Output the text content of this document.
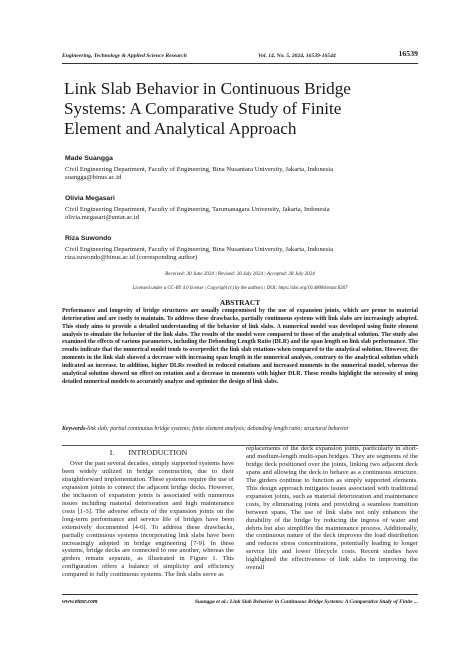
Engineering, Technology & Applied Science Research	Vol. 14, No. 5, 2024, 16539-16544	16539
Link Slab Behavior in Continuous Bridge
Systems: A Comparative Study of Finite
Element and Analytical Approach
Made Suangga
Civil Engineering Department, Faculty of Engineering, Bina Nusantara University, Jakarta, Indonesia
suangga@binus.ac.id
Olivia Megasari
Civil Engineering Department, Faculty of Engineering, Tarumanagara University, Jakarta, Indonesia
olivia.megasari@untar.ac.id
Riza Suwondo
Civil Engineering Department, Faculty of Engineering, Bina Nusantara University, Jakarta, Indonesia
riza.suwondo@binus.ac.id (corresponding author)
Received: 30 June 2024 | Revised: 26 July 2024 | Accepted: 28 July 2024
Licensed under a CC-BY 4.0 license | Copyright (c) by the authors | DOI: https://doi.org/10.48084/etasr.8267
ABSTRACT
Performance and longevity of bridge structures are usually compromised by the use of expansion joints, which are prone to material deterioration and are costly to maintain. To address these drawbacks, partially continuous systems with link slabs are increasingly adopted. This study aims to provide a detailed understanding of the behavior of link slabs. A numerical model was developed using finite element analysis to simulate the behavior of the link slabs. The results of the model were compared to those of the analytical solution. The study also examined the effects of various parameters, including the Debonding Length Ratio (DLR) and the span length on link slab performance. The results indicate that the numerical model tends to overpredict the link slab rotations when compared to the analytical solution. However, the moments in the link slab showed a decrease with increasing span length in the numerical analysis, contrary to the analytical solution which indicated an increase. In addition, higher DLRs resulted in reduced rotations and increased moments in the numerical model, whereas the analytical solution showed no effect on rotation and a decrease in moments with higher DLR. These results highlight the necessity of using detailed numerical models to accurately analyze and optimize the design of link slabs.
Keywords-link slab; partial continuous bridge systems; finite element analysis; debonding length ratio; structural behavior
I. INTRODUCTION

Over the past several decades, simply supported systems have been widely utilized in bridge construction, due to their straightforward implementation. These systems require the use of expansion joints to connect the adjacent bridge decks. However, the inclusion of expansion joints is associated with numerous issues including material deterioration and high maintenance costs [1-3]. The adverse effects of the expansion joints on the long-term performance and service life of bridges have been extensively documented [4-6]. To address these drawbacks, partially continuous systems incorporating link slabs have been increasingly adopted in bridge engineering [7-9]. In these systems, bridge decks are connected to one another, whereas the girders remain separate, as illustrated in Figure 1. This configuration offers a balance of simplicity and efficiency compared to fully continuous systems. The link slabs serve as

replacements of the deck expansion joints, particularly in short- and medium-length multi-span bridges. They are segments of the bridge deck positioned over the joints, linking two adjacent deck spans and allowing the deck to behave as a continuous structure. The girders continue to function as simply supported elements. This design approach mitigates issues associated with traditional expansion joints, such as material deterioration and maintenance costs, by eliminating joints and providing a seamless transition between spans. The use of link slabs not only enhances the durability of the bridge by reducing the ingress of water and debris but also simplifies the maintenance process. Additionally, the continuous nature of the deck improves the load distribution and reduces stress concentrations, potentially leading to longer service life and lower lifecycle costs. Recent studies have highlighted the effectiveness of link slabs in improving the overall

www.etasr.com	Suangga et al.: Link Slab Behavior in Continuous Bridge Systems: A Comparative Study of Finite ...
